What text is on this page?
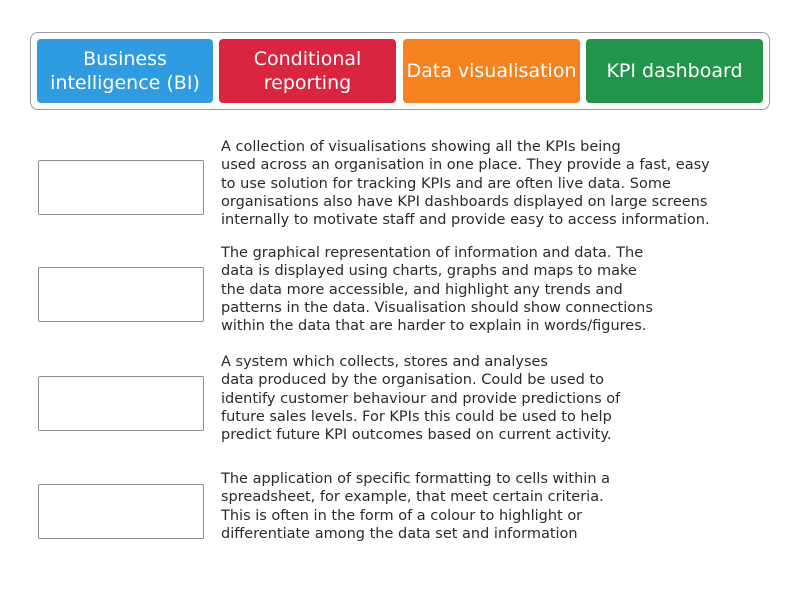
Business intelligence (BI)
Conditional reporting
Data visualisation KPI dashboard

A collection of visualisations showing all the KPIs being
used across an organisation in one place. They provide a fast, easy
to use solution for tracking KPIs and are often live data. Some
organisations also have KPI dashboards displayed on large screens
internally to motivate staff and provide easy to access information.

The graphical representation of information and data. The
data is displayed using charts, graphs and maps to make
the data more accessible, and highlight any trends and
patterns in the data. Visualisation should show connections
within the data that are harder to explain in words/figures.

A system which collects, stores and analyses
data produced by the organisation. Could be used to
identify customer behaviour and provide predictions of
future sales levels. For KPIs this could be used to help
predict future KPI outcomes based on current activity.

The application of specific formatting to cells within a
spreadsheet, for example, that meet certain criteria.
This is often in the form of a colour to highlight or
differentiate among the data set and information
